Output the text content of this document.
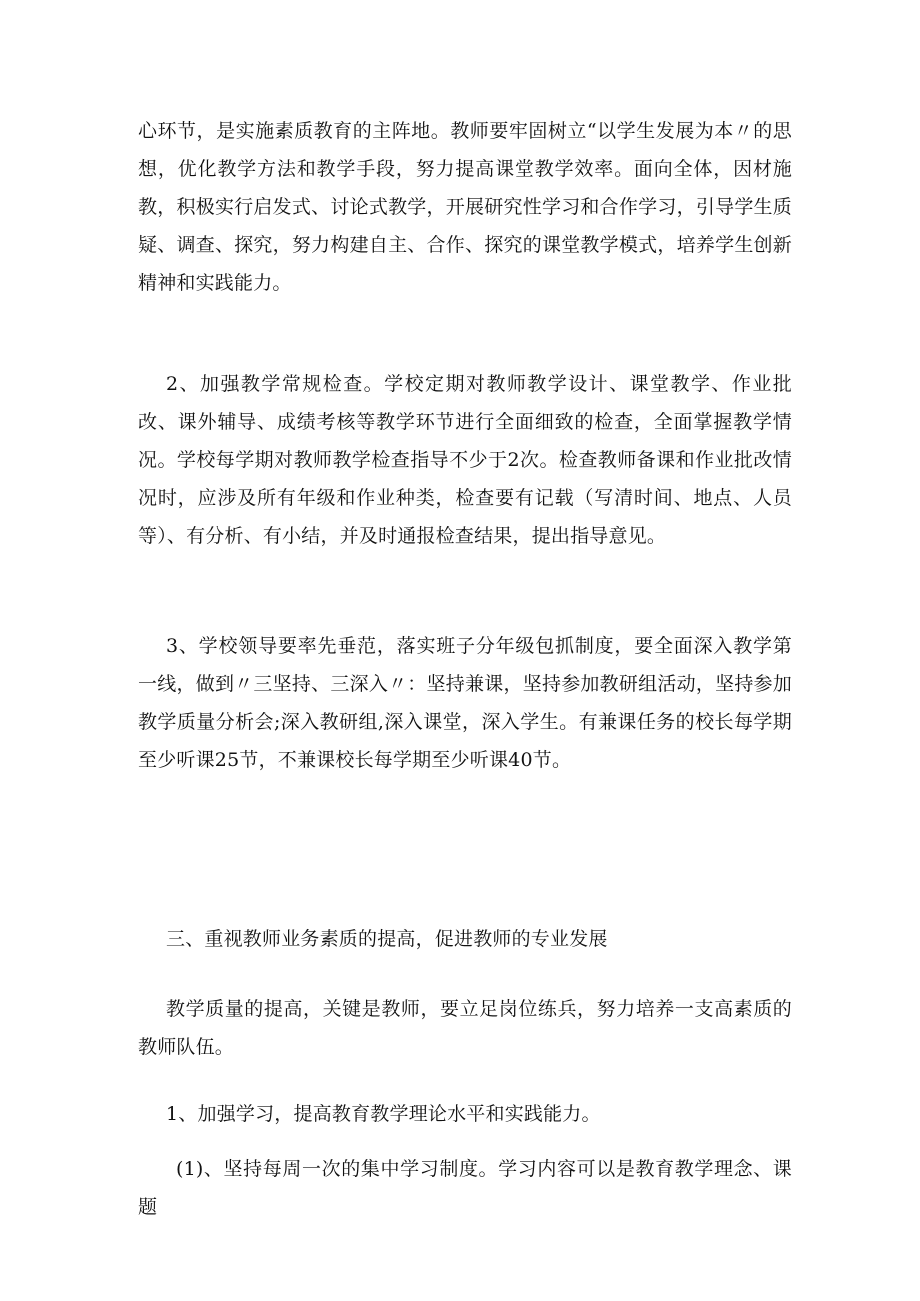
心环节，是实施素质教育的主阵地。教师要牢固树立“以学生发展为本〃的思想，优化教学方法和教学手段，努力提高课堂教学效率。面向全体，因材施教，积极实行启发式、讨论式教学，开展研究性学习和合作学习，引导学生质疑、调查、探究，努力构建自主、合作、探究的课堂教学模式，培养学生创新精神和实践能力。

2、加强教学常规检查。学校定期对教师教学设计、课堂教学、作业批改、课外辅导、成绩考核等教学环节进行全面细致的检查，全面掌握教学情况。学校每学期对教师教学检查指导不少于2次。检查教师备课和作业批改情况时，应涉及所有年级和作业种类，检查要有记载（写清时间、地点、人员等）、有分析、有小结，并及时通报检查结果，提出指导意见。

3、学校领导要率先垂范，落实班子分年级包抓制度，要全面深入教学第一线，做到〃三坚持、三深入〃：坚持兼课，坚持参加教研组活动，坚持参加教学质量分析会;深入教研组,深入课堂，深入学生。有兼课任务的校长每学期至少听课25节，不兼课校长每学期至少听课40节。

三、重视教师业务素质的提高，促进教师的专业发展

教学质量的提高，关键是教师，要立足岗位练兵，努力培养一支高素质的教师队伍。

1、加强学习，提高教育教学理论水平和实践能力。

(1)、坚持每周一次的集中学习制度。学习内容可以是教育教学理念、课题
